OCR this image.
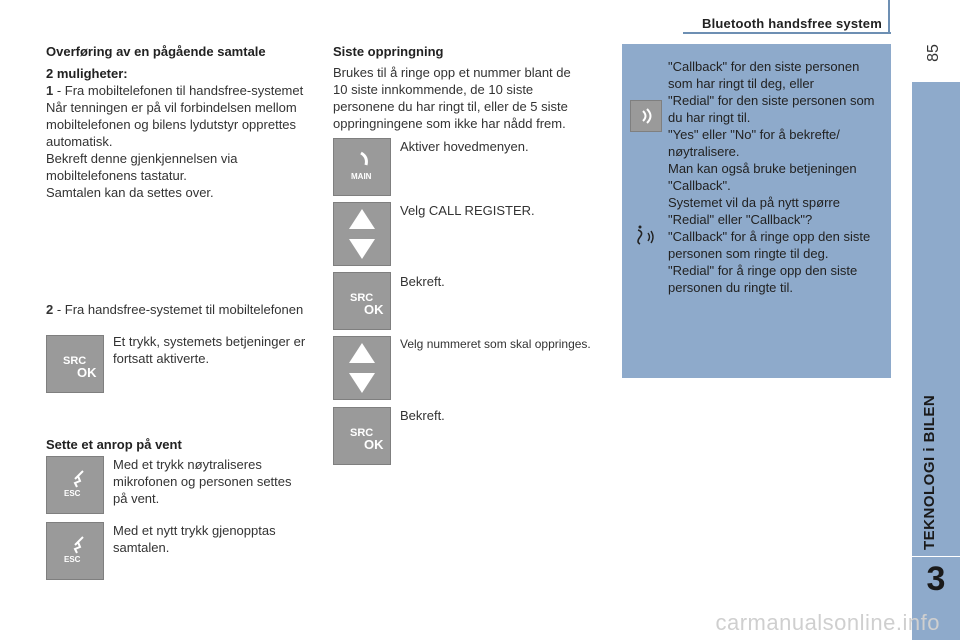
Bluetooth handsfree system
85
TEKNOLOGI i BILEN
3
Overføring av en pågående samtale
2 muligheter:
1 - Fra mobiltelefonen til handsfree-systemet
Når tenningen er på vil forbindelsen mellom
mobiltelefonen og bilens lydutstyr opprettes
automatisk.
Bekreft denne gjenkjennelsen via
mobiltelefonens tastatur.
Samtalen kan da settes over.
2 - Fra handsfree-systemet til mobiltelefonen
SRC
OK
Et trykk, systemets betjeninger er
fortsatt aktiverte.
Sette et anrop på vent
ESC
Med et trykk nøytraliseres
mikrofonen og personen settes
på vent.
ESC
Med et nytt trykk gjenopptas
samtalen.
Siste oppringning
Brukes til å ringe opp et nummer blant de
10 siste innkommende, de 10 siste
personene du har ringt til, eller de 5 siste
oppringningene som ikke har nådd frem.
MAIN
Aktiver hovedmenyen.
Velg CALL REGISTER.
SRC
OK
Bekreft.
Velg nummeret som skal oppringes.
SRC
OK
Bekreft.
"Callback" for den siste personen
som har ringt til deg, eller
"Redial" for den siste personen som
du har ringt til.
"Yes" eller "No" for å bekrefte/
nøytralisere.
Man kan også bruke betjeningen
"Callback".
Systemet vil da på nytt spørre
"Redial" eller "Callback"?
"Callback" for å ringe opp den siste
personen som ringte til deg.
"Redial" for å ringe opp den siste
personen du ringte til.
carmanualsonline.info
